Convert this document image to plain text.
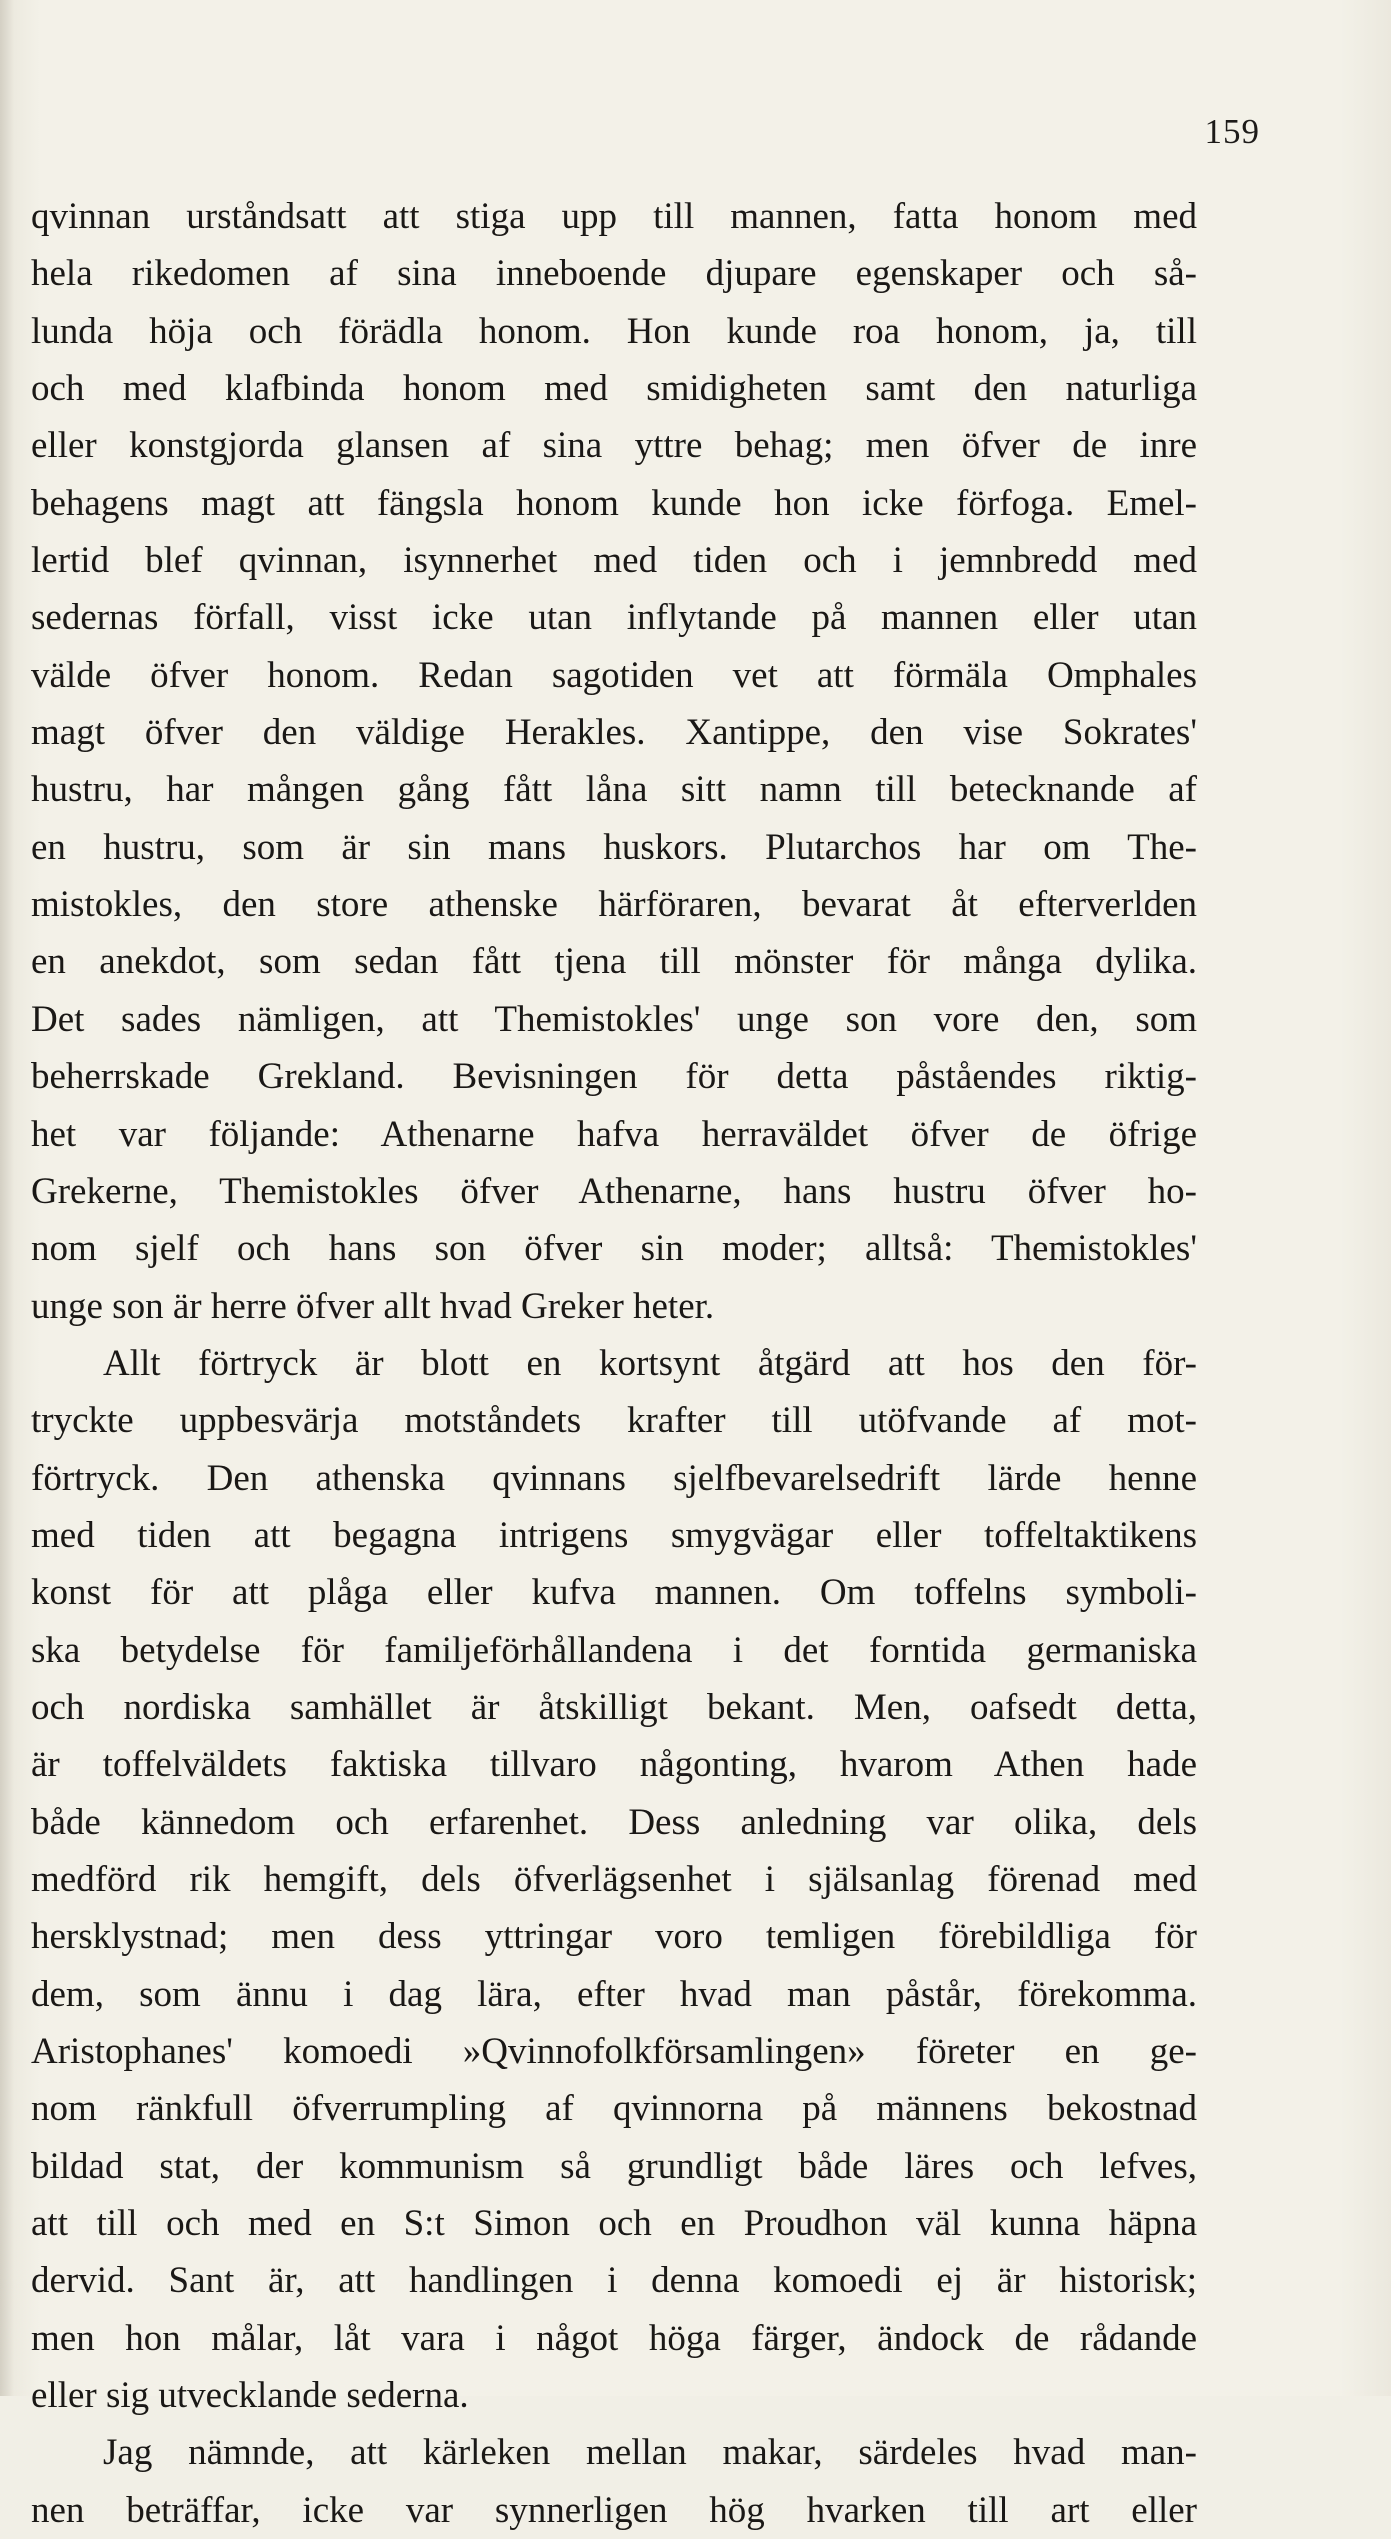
159
qvinnan urståndsatt att stiga upp till mannen, fatta honom med
hela rikedomen af sina inneboende djupare egenskaper och så-
lunda höja och förädla honom. Hon kunde roa honom, ja, till
och med klafbinda honom med smidigheten samt den naturliga
eller konstgjorda glansen af sina yttre behag; men öfver de inre
behagens magt att fängsla honom kunde hon icke förfoga. Emel-
lertid blef qvinnan, isynnerhet med tiden och i jemnbredd med
sedernas förfall, visst icke utan inflytande på mannen eller utan
välde öfver honom. Redan sagotiden vet att förmäla Omphales
magt öfver den väldige Herakles. Xantippe, den vise Sokrates'
hustru, har mången gång fått låna sitt namn till betecknande af
en hustru, som är sin mans huskors. Plutarchos har om The-
mistokles, den store athenske härföraren, bevarat åt efterverlden
en anekdot, som sedan fått tjena till mönster för många dylika.
Det sades nämligen, att Themistokles' unge son vore den, som
beherrskade Grekland. Bevisningen för detta påståendes riktig-
het var följande: Athenarne hafva herraväldet öfver de öfrige
Grekerne, Themistokles öfver Athenarne, hans hustru öfver ho-
nom sjelf och hans son öfver sin moder; alltså: Themistokles'
unge son är herre öfver allt hvad Greker heter.
Allt förtryck är blott en kortsynt åtgärd att hos den för-
tryckte uppbesvärja motståndets krafter till utöfvande af mot-
förtryck. Den athenska qvinnans sjelfbevarelsedrift lärde henne
med tiden att begagna intrigens smygvägar eller toffeltaktikens
konst för att plåga eller kufva mannen. Om toffelns symboli-
ska betydelse för familjeförhållandena i det forntida germaniska
och nordiska samhället är åtskilligt bekant. Men, oafsedt detta,
är toffelväldets faktiska tillvaro någonting, hvarom Athen hade
både kännedom och erfarenhet. Dess anledning var olika, dels
medförd rik hemgift, dels öfverlägsenhet i själsanlag förenad med
hersklystnad; men dess yttringar voro temligen förebildliga för
dem, som ännu i dag lära, efter hvad man påstår, förekomma.
Aristophanes' komoedi »Qvinnofolkförsamlingen» företer en ge-
nom ränkfull öfverrumpling af qvinnorna på männens bekostnad
bildad stat, der kommunism så grundligt både läres och lefves,
att till och med en S:t Simon och en Proudhon väl kunna häpna
dervid. Sant är, att handlingen i denna komoedi ej är historisk;
men hon målar, låt vara i något höga färger, ändock de rådande
eller sig utvecklande sederna.
Jag nämnde, att kärleken mellan makar, särdeles hvad man-
nen beträffar, icke var synnerligen hög hvarken till art eller
